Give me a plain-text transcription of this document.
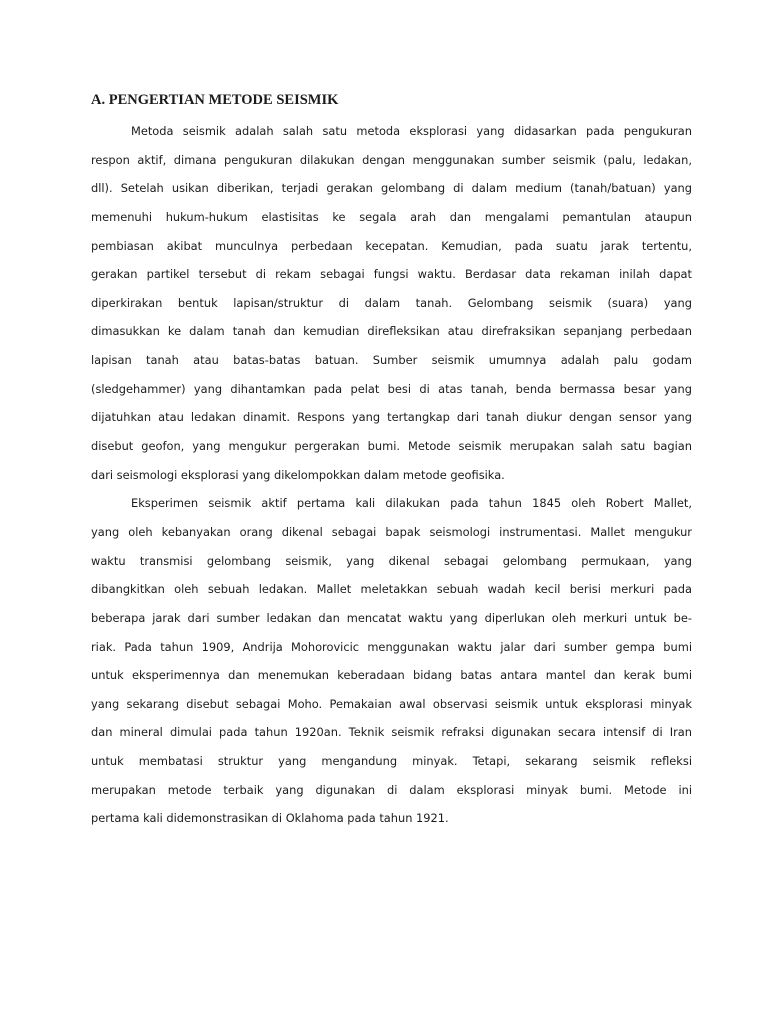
A. PENGERTIAN METODE SEISMIK
Metoda seismik adalah salah satu metoda eksplorasi yang didasarkan pada pengukuran
respon aktif, dimana pengukuran dilakukan dengan menggunakan sumber seismik (palu, ledakan,
dll). Setelah usikan diberikan, terjadi gerakan gelombang di dalam medium (tanah/batuan) yang
memenuhi hukum-hukum elastisitas ke segala arah dan mengalami pemantulan ataupun
pembiasan akibat munculnya perbedaan kecepatan. Kemudian, pada suatu jarak tertentu,
gerakan partikel tersebut di rekam sebagai fungsi waktu. Berdasar data rekaman inilah dapat
diperkirakan bentuk lapisan/struktur di dalam tanah. Gelombang seismik (suara) yang
dimasukkan ke dalam tanah dan kemudian direfleksikan atau direfraksikan sepanjang perbedaan
lapisan tanah atau batas-batas batuan. Sumber seismik umumnya adalah palu godam
(sledgehammer) yang dihantamkan pada pelat besi di atas tanah, benda bermassa besar yang
dijatuhkan atau ledakan dinamit. Respons yang tertangkap dari tanah diukur dengan sensor yang
disebut geofon, yang mengukur pergerakan bumi. Metode seismik merupakan salah satu bagian
dari seismologi eksplorasi yang dikelompokkan dalam metode geofisika.
Eksperimen seismik aktif pertama kali dilakukan pada tahun 1845 oleh Robert Mallet,
yang oleh kebanyakan orang dikenal sebagai bapak seismologi instrumentasi. Mallet mengukur
waktu transmisi gelombang seismik, yang dikenal sebagai gelombang permukaan, yang
dibangkitkan oleh sebuah ledakan. Mallet meletakkan sebuah wadah kecil berisi merkuri pada
beberapa jarak dari sumber ledakan dan mencatat waktu yang diperlukan oleh merkuri untuk be-
riak. Pada tahun 1909, Andrija Mohorovicic menggunakan waktu jalar dari sumber gempa bumi
untuk eksperimennya dan menemukan keberadaan bidang batas antara mantel dan kerak bumi
yang sekarang disebut sebagai Moho. Pemakaian awal observasi seismik untuk eksplorasi minyak
dan mineral dimulai pada tahun 1920an. Teknik seismik refraksi digunakan secara intensif di Iran
untuk membatasi struktur yang mengandung minyak. Tetapi, sekarang seismik refleksi
merupakan metode terbaik yang digunakan di dalam eksplorasi minyak bumi. Metode ini
pertama kali didemonstrasikan di Oklahoma pada tahun 1921.
